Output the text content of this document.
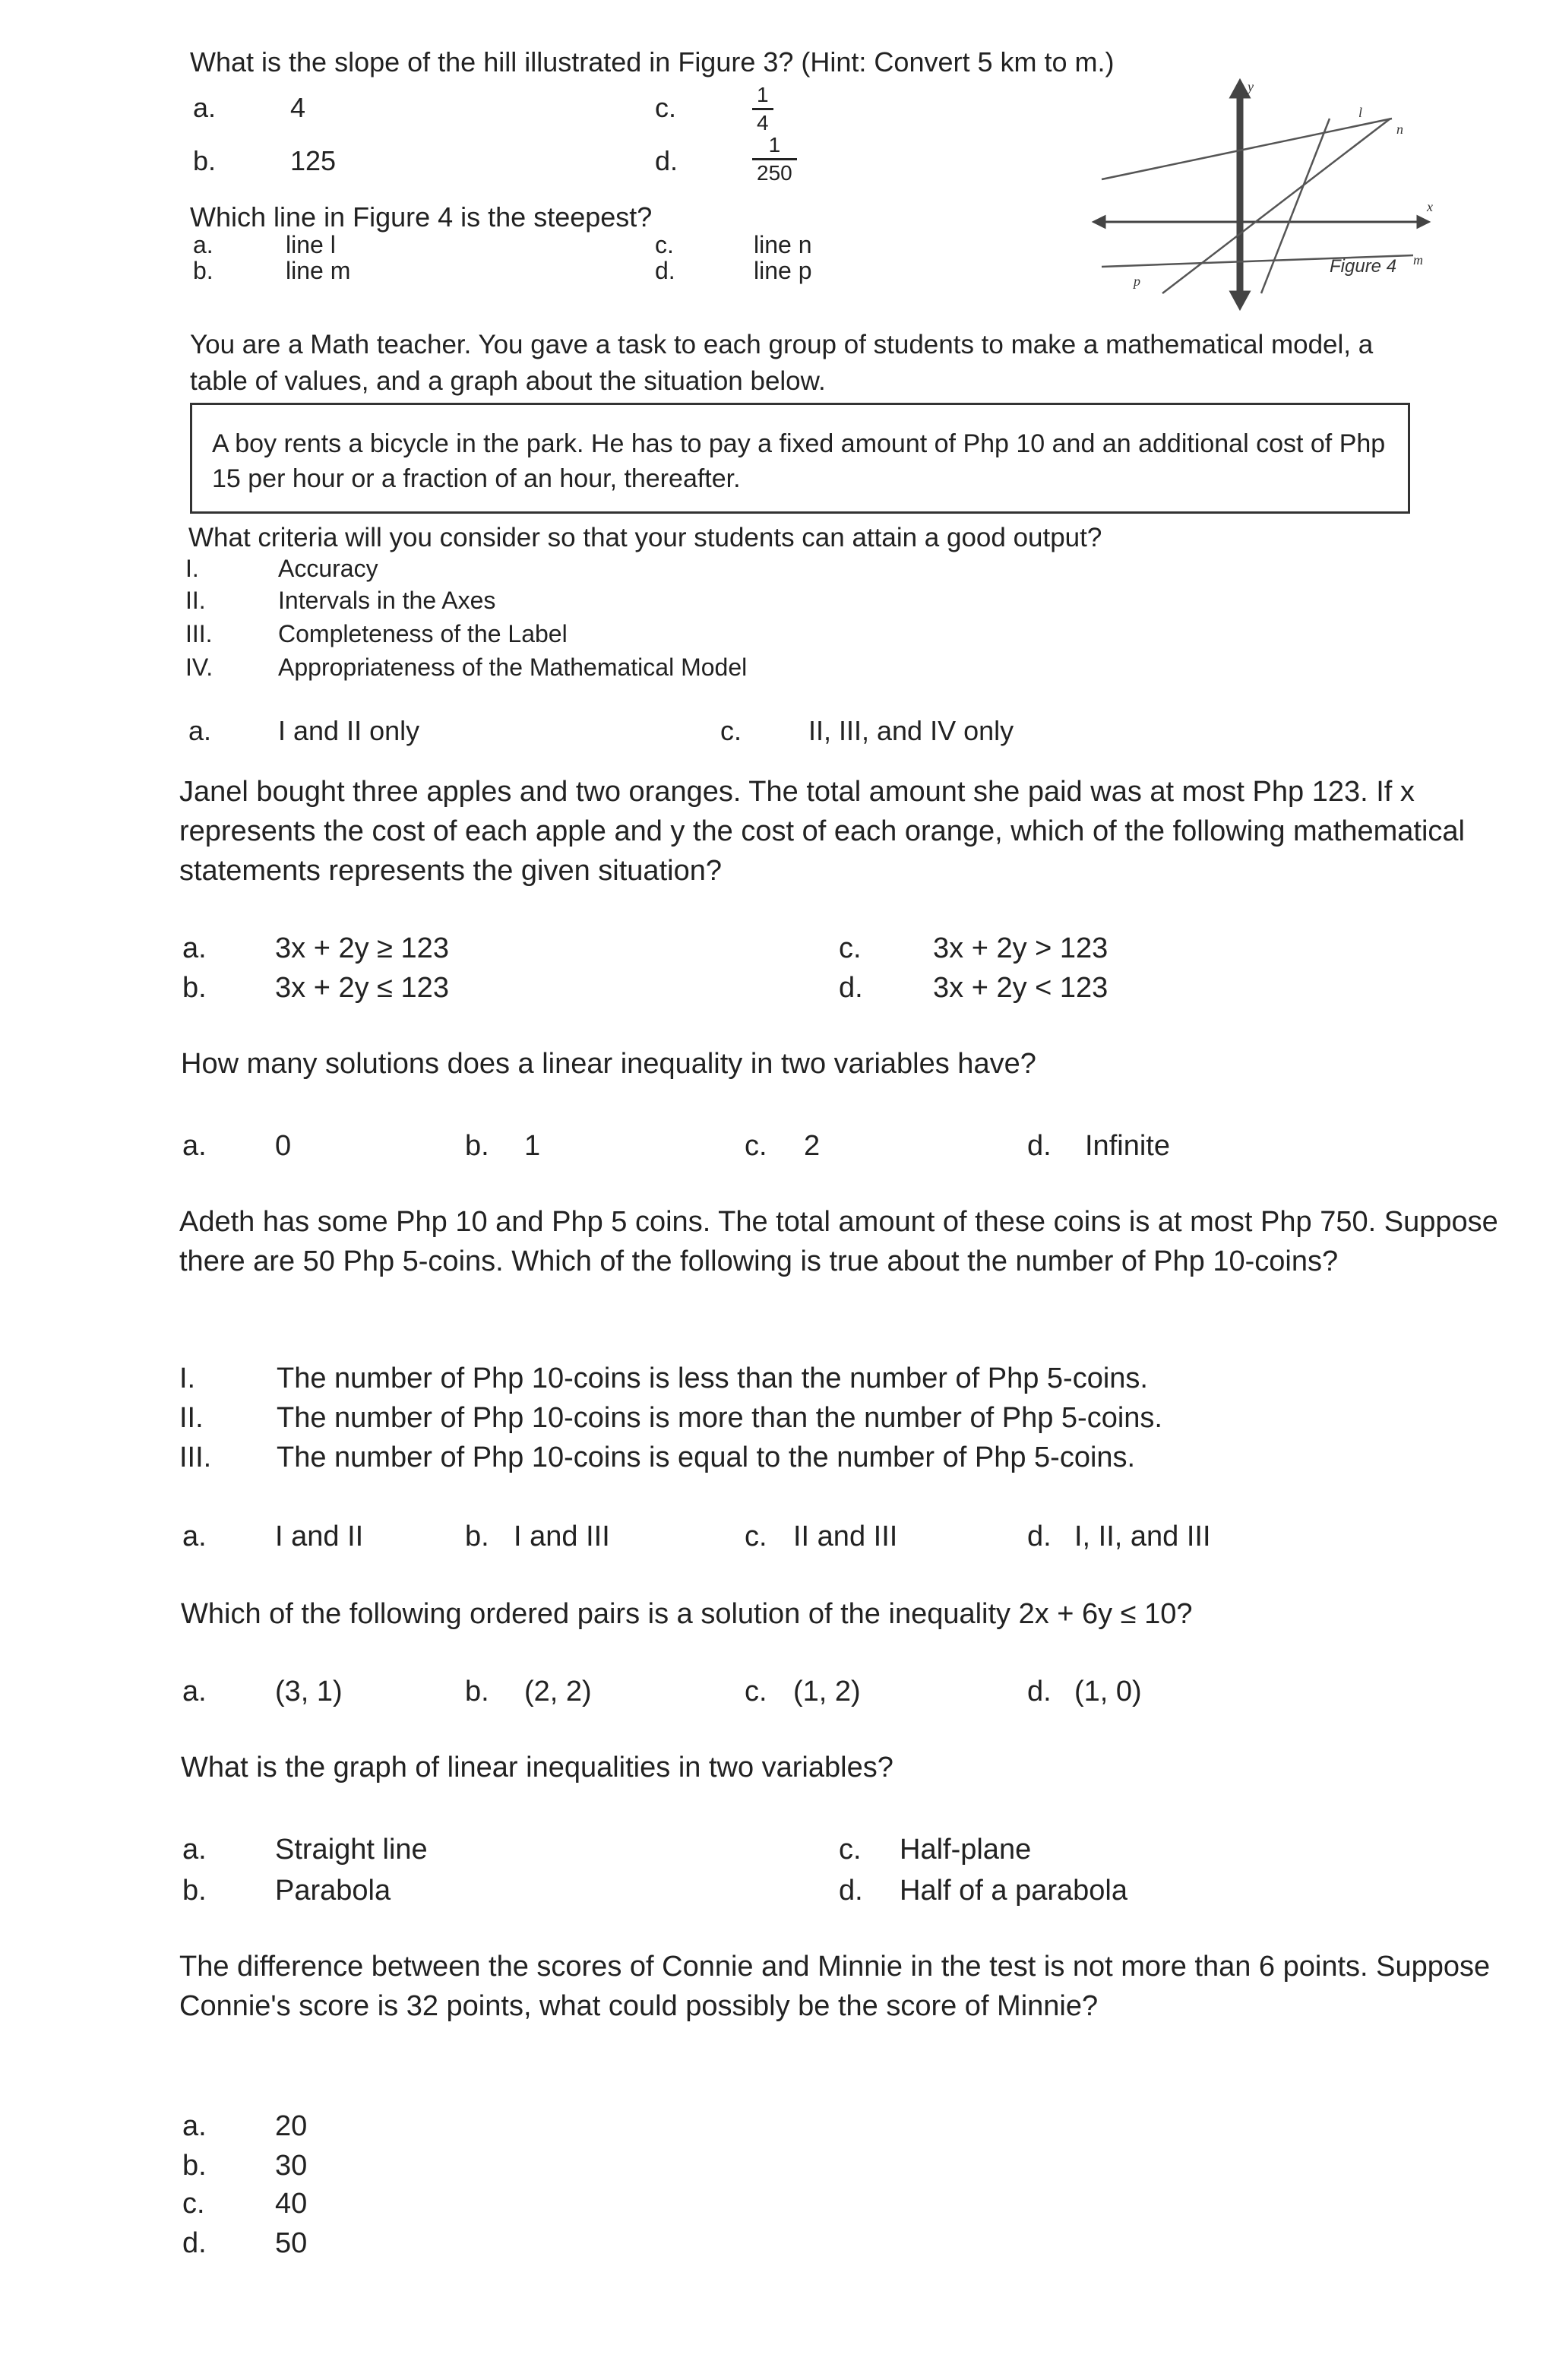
What is the slope of the hill illustrated in Figure 3? (Hint: Convert 5 km to m.)
a.	4
b.	125
c.	1
4
d.
1
250
Which line in Figure 4 is the steepest?
a.	line l
b.	line m
c.	line n
d.	line p
y
x
l
m
n
p
Figure 4
You are a Math teacher. You gave a task to each group of students to make a mathematical model, a table of values, and a graph about the situation below.
A boy rents a bicycle in the park. He has to pay a fixed amount of Php 10 and an additional cost of Php 15 per hour or a fraction of an hour, thereafter.
What criteria will you consider so that your students can attain a good output?
I.	Accuracy
II.	Intervals in the Axes
III.	Completeness of the Label
IV.	Appropriateness of the Mathematical Model
a. I and II only	c. II, III, and IV only
Janel bought three apples and two oranges. The total amount she paid was at most Php 123. If x represents the cost of each apple and y the cost of each orange, which of the following mathematical statements represents the given situation?
a. 3x + 2y ≥ 123
b. 3x + 2y ≤ 123
c. 3x + 2y > 123
d. 3x + 2y < 123
How many solutions does a linear inequality in two variables have?
a. 0	b. 1	c. 2	d. Infinite
Adeth has some Php 10 and Php 5 coins. The total amount of these coins is at most Php 750. Suppose there are 50 Php 5-coins. Which of the following is true about the number of Php 10-coins?
I.	The number of Php 10-coins is less than the number of Php 5-coins.
II.	The number of Php 10-coins is more than the number of Php 5-coins.
III. The number of Php 10-coins is equal to the number of Php 5-coins.
a. I and II	b. I and III	c. II and III	d. I, II, and III
Which of the following ordered pairs is a solution of the inequality 2x + 6y ≤ 10?
a. (3, 1)	b. (2, 2)	c. (1, 2)	d. (1, 0)
What is the graph of linear inequalities in two variables?
a. Straight line
b. Parabola
c. Half-plane
d. Half of a parabola
The difference between the scores of Connie and Minnie in the test is not more than 6 points. Suppose Connie's score is 32 points, what could possibly be the score of Minnie?
a. 20
b. 30
c. 40
d. 50
